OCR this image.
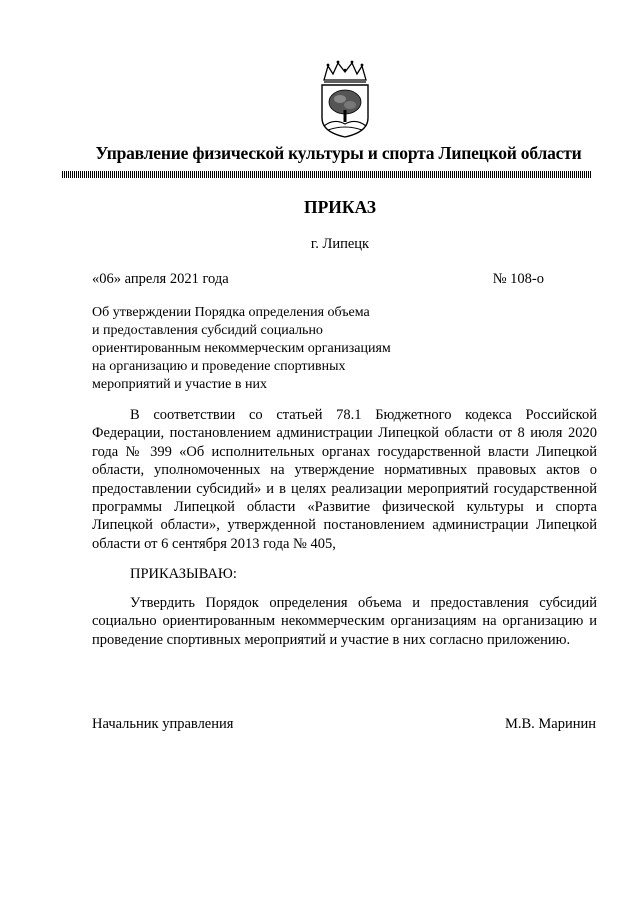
Управление физической культуры и спорта Липецкой области
ПРИКАЗ
г. Липецк
«06» апреля 2021 года	№ 108-о
Об утверждении Порядка определения объема
и предоставления субсидий социально
ориентированным некоммерческим организациям
на организацию и проведение спортивных
мероприятий и участие в них

В соответствии со статьей 78.1 Бюджетного кодекса Российской Федерации, постановлением администрации Липецкой области от 8 июля 2020 года № 399 «Об исполнительных органах государственной власти Липецкой области, уполномоченных на утверждение нормативных правовых актов о предоставлении субсидий» и в целях реализации мероприятий государственной программы Липецкой области «Развитие физической культуры и спорта Липецкой области», утвержденной постановлением администрации Липецкой области от 6 сентября 2013 года № 405,

ПРИКАЗЫВАЮ:

Утвердить Порядок определения объема и предоставления субсидий социально ориентированным некоммерческим организациям на организацию и проведение спортивных мероприятий и участие в них согласно приложению.

Начальник управления	М.В. Маринин
